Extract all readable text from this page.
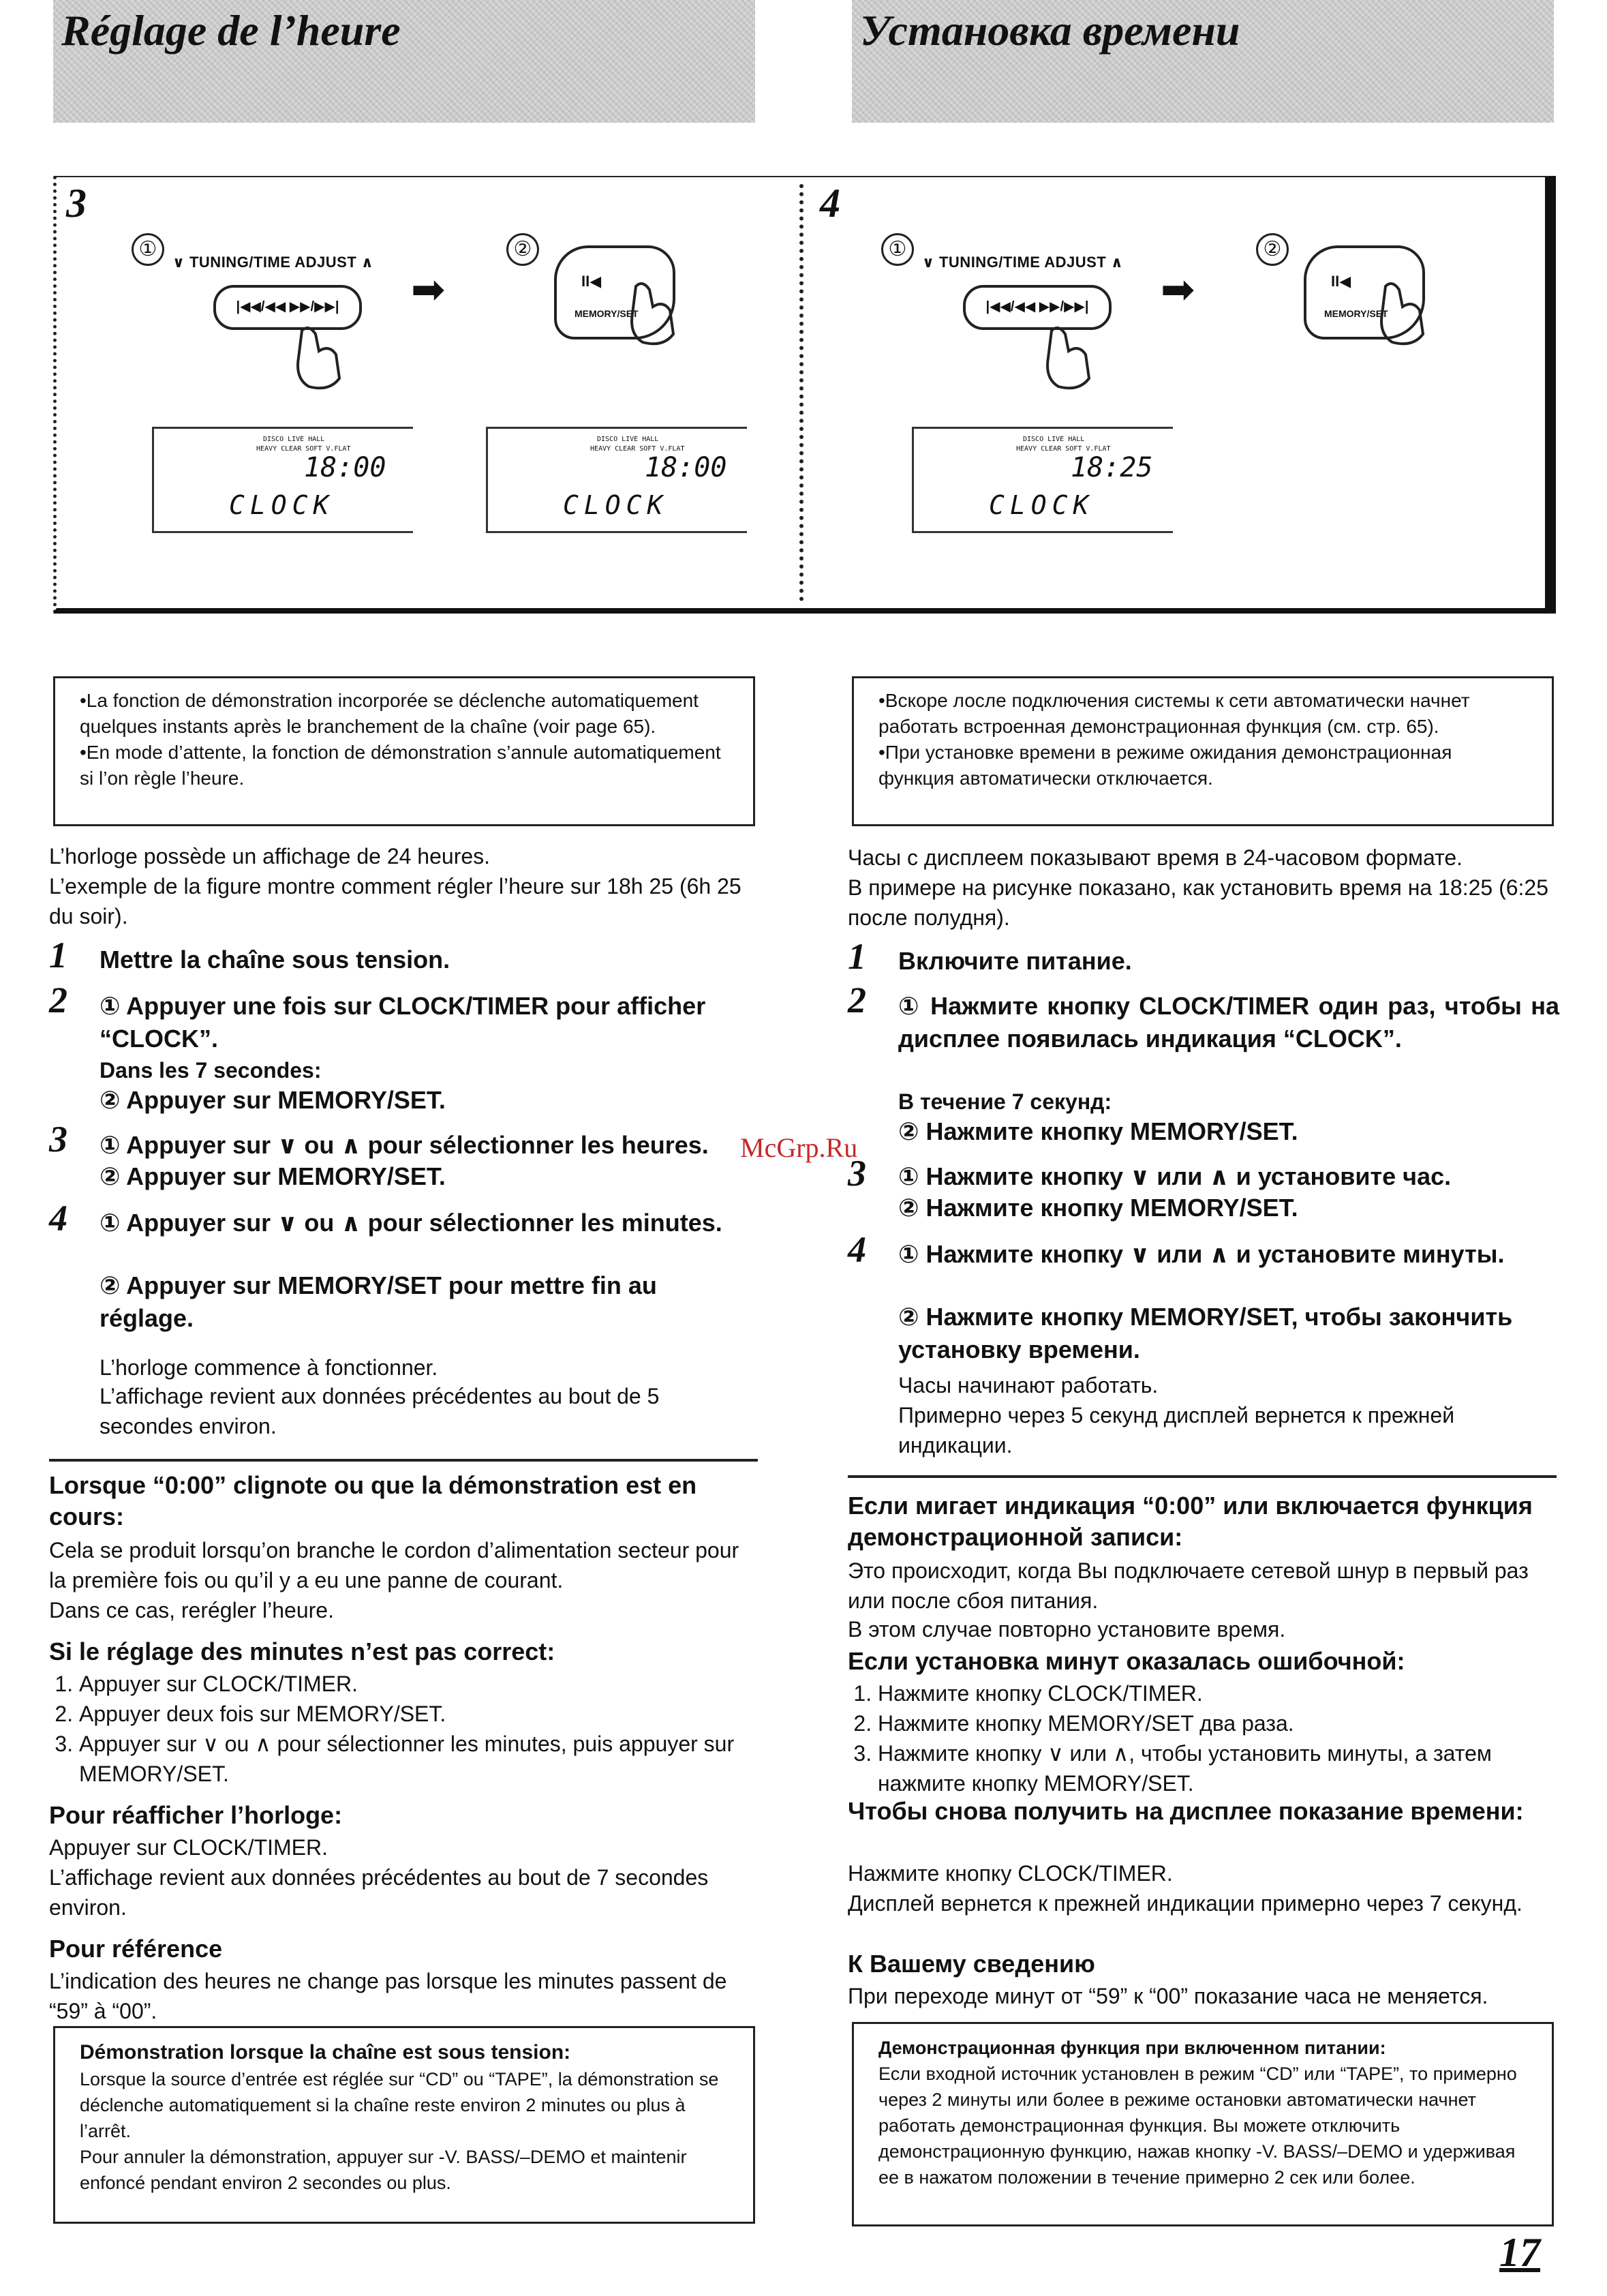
Réglage de l’heure	Установка времени
3
①
∨ TUNING/TIME ADJUST ∧
|◀◀/◀◀ ▶▶/▶▶|	➡
②
II◀
MEMORY/SET
DISCO LIVE HALL
HEAVY CLEAR SOFT V.FLAT
18:00
CLOCK
DISCO LIVE HALL
HEAVY CLEAR SOFT V.FLAT
18:00
CLOCK
4
①
∨ TUNING/TIME ADJUST ∧
|◀◀/◀◀ ▶▶/▶▶|	➡
②
II◀
MEMORY/SET
DISCO LIVE HALL
HEAVY CLEAR SOFT V.FLAT
18:25
CLOCK
•La fonction de démonstration incorporée se déclenche automatiquement quelques instants après le branchement de la chaîne (voir page 65).
•En mode d’attente, la fonction de démonstration s’annule automatiquement si l’on règle l’heure.
L’horloge possède un affichage de 24 heures.
L’exemple de la figure montre comment régler l’heure sur 18h 25 (6h 25 du soir).
1 Mettre la chaîne sous tension.
2 ① Appuyer une fois sur CLOCK/TIMER pour afficher “CLOCK”.
Dans les 7 secondes:
② Appuyer sur MEMORY/SET.
3 ① Appuyer sur ∨ ou ∧ pour sélectionner les heures.
② Appuyer sur MEMORY/SET.
4 ① Appuyer sur ∨ ou ∧ pour sélectionner les minutes.
② Appuyer sur MEMORY/SET pour mettre fin au réglage.
L’horloge commence à fonctionner.
L’affichage revient aux données précédentes au bout de 5 secondes environ.
Lorsque “0:00” clignote ou que la démonstration est en cours:
Cela se produit lorsqu’on branche le cordon d’alimentation secteur pour la première fois ou qu’il y a eu une panne de courant.
Dans ce cas, rerégler l’heure.
Si le réglage des minutes n’est pas correct:
1. Appuyer sur CLOCK/TIMER.
2. Appuyer deux fois sur MEMORY/SET.
3. Appuyer sur ∨ ou ∧ pour sélectionner les minutes, puis appuyer sur MEMORY/SET.
Pour réafficher l’horloge:
Appuyer sur CLOCK/TIMER.
L’affichage revient aux données précédentes au bout de 7 secondes environ.
Pour référence
L’indication des heures ne change pas lorsque les minutes passent de “59” à “00”.
Démonstration lorsque la chaîne est sous tension:
Lorsque la source d’entrée est réglée sur “CD” ou “TAPE”, la démonstration se déclenche automatiquement si la chaîne reste environ 2 minutes ou plus à l’arrêt.
Pour annuler la démonstration, appuyer sur -V. BASS/–DEMO et maintenir enfoncé pendant environ 2 secondes ou plus.
•Вскоре лосле подключения системы к сети автоматически начнет работать встроенная демонстрационная функция (см. стр. 65).
•При установке времени в режиме ожидания демонстрационная функция автоматически отключается.
Часы с дисплеем показывают время в 24-часовом формате.
В примере на рисунке показано, как установить время на 18:25 (6:25 после полудня).
1 Включите питание.
2 ① Нажмите кнопку CLOCK/TIMER один раз, чтобы на дисплее появилась индикация “CLOCK”.
В течение 7 секунд:
② Нажмите кнопку MEMORY/SET.
3 ① Нажмите кнопку ∨ или ∧ и установите час.
② Нажмите кнопку MEMORY/SET.
4 ① Нажмите кнопку ∨ или ∧ и установите минуты.
② Нажмите кнопку MEMORY/SET, чтобы закончить установку времени.
Часы начинают работать.
Примерно через 5 секунд дисплей вернется к прежней индикации.
Если мигает индикация “0:00” или включается функция демонстрационной записи:
Это происходит, когда Вы подключаете сетевой шнур в первый раз или после сбоя питания.
В этом случае повторно установите время.
Если установка минут оказалась ошибочной:
1. Нажмите кнопку CLOCK/TIMER.
2. Нажмите кнопку MEMORY/SET два раза.
3. Нажмите кнопку ∨ или ∧, чтобы установить минуты, а затем нажмите кнопку MEMORY/SET.
Чтобы снова получить на дисплее показание времени:
Нажмите кнопку CLOCK/TIMER.
Дисплей вернется к прежней индикации примерно через 7 секунд.
К Вашему сведению
При переходе минут от “59” к “00” показание часа не меняется.
Демонстрационная функция при включенном питании:
Если входной источник установлен в режим “CD” или “TAPE”, то примерно через 2 минуты или более в режиме остановки автоматически начнет работать демонстрационная функция. Вы можете отключить демонстрационную функцию, нажав кнопку -V. BASS/–DEMO и удерживая ее в нажатом положении в течение примерно 2 сек или более.
McGrp.Ru
17
